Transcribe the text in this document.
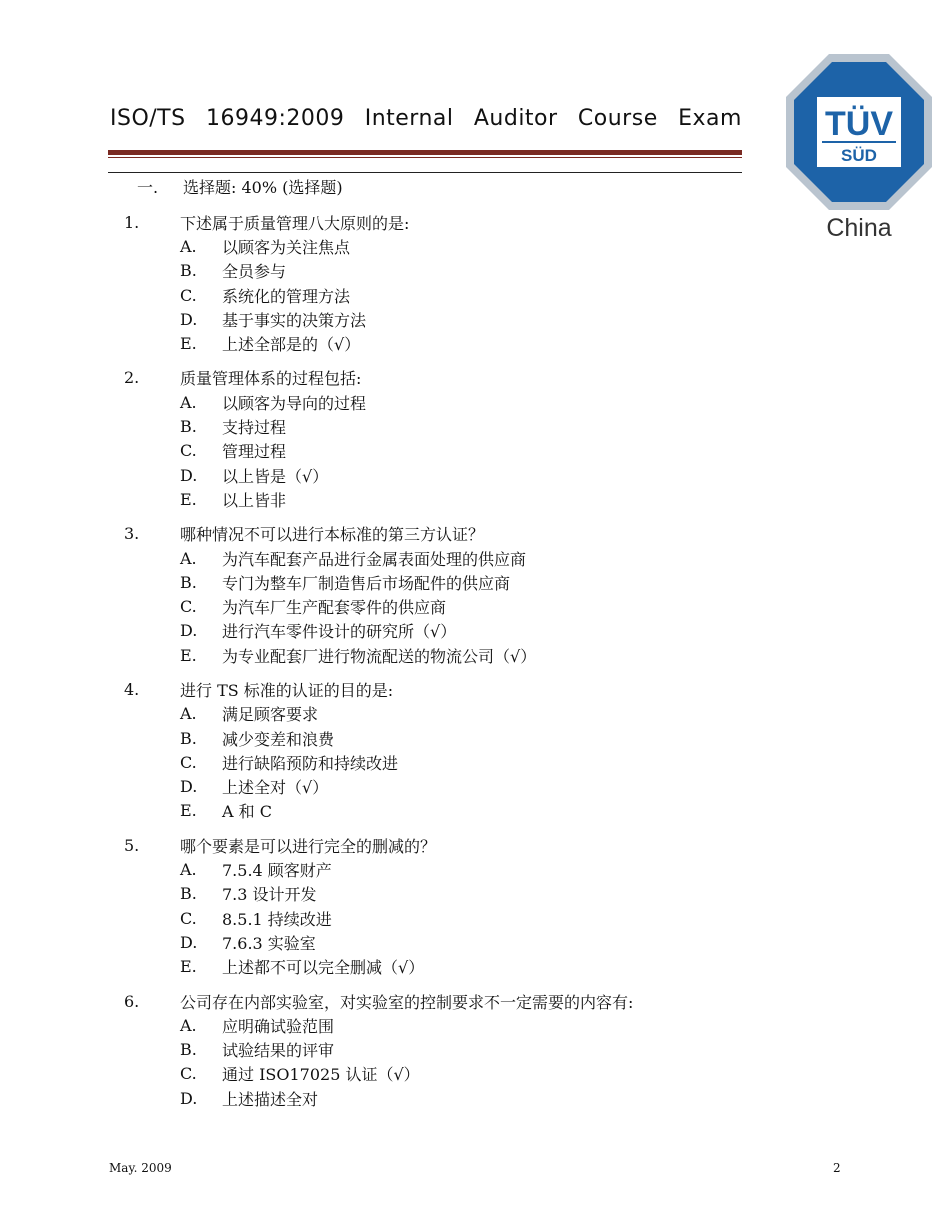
ISO/TS 16949:2009 Internal Auditor Course Exam TÜV
SÜD
China
一. 选择题: 40% (选择题)
1.	下述属于质量管理八大原则的是:
A.	以顾客为关注焦点
B.	全员参与
C.	系统化的管理方法
D.	基于事实的决策方法
E.	上述全部是的（√）
2.	质量管理体系的过程包括:
A.	以顾客为导向的过程
B.	支持过程
C.	管理过程
D.	以上皆是（√）
E.	以上皆非
3.	哪种情况不可以进行本标准的第三方认证？
A.	为汽车配套产品进行金属表面处理的供应商
B.	专门为整车厂制造售后市场配件的供应商
C.	为汽车厂生产配套零件的供应商
D.	进行汽车零件设计的研究所（√）
E.	为专业配套厂进行物流配送的物流公司（√）
4.	进行 TS 标准的认证的目的是:
A.	满足顾客要求
B.	减少变差和浪费
C.	进行缺陷预防和持续改进
D.	上述全对（√）
E.	A 和 C
5.	哪个要素是可以进行完全的删减的？
A.	7.5.4 顾客财产
B.	7.3 设计开发
C.	8.5.1 持续改进
D.	7.6.3 实验室
E.	上述都不可以完全删减（√）
6.	公司存在内部实验室，对实验室的控制要求不一定需要的内容有:
A.	应明确试验范围
B.	试验结果的评审
C.	通过 ISO17025 认证（√）
D.	上述描述全对
May. 2009	2
